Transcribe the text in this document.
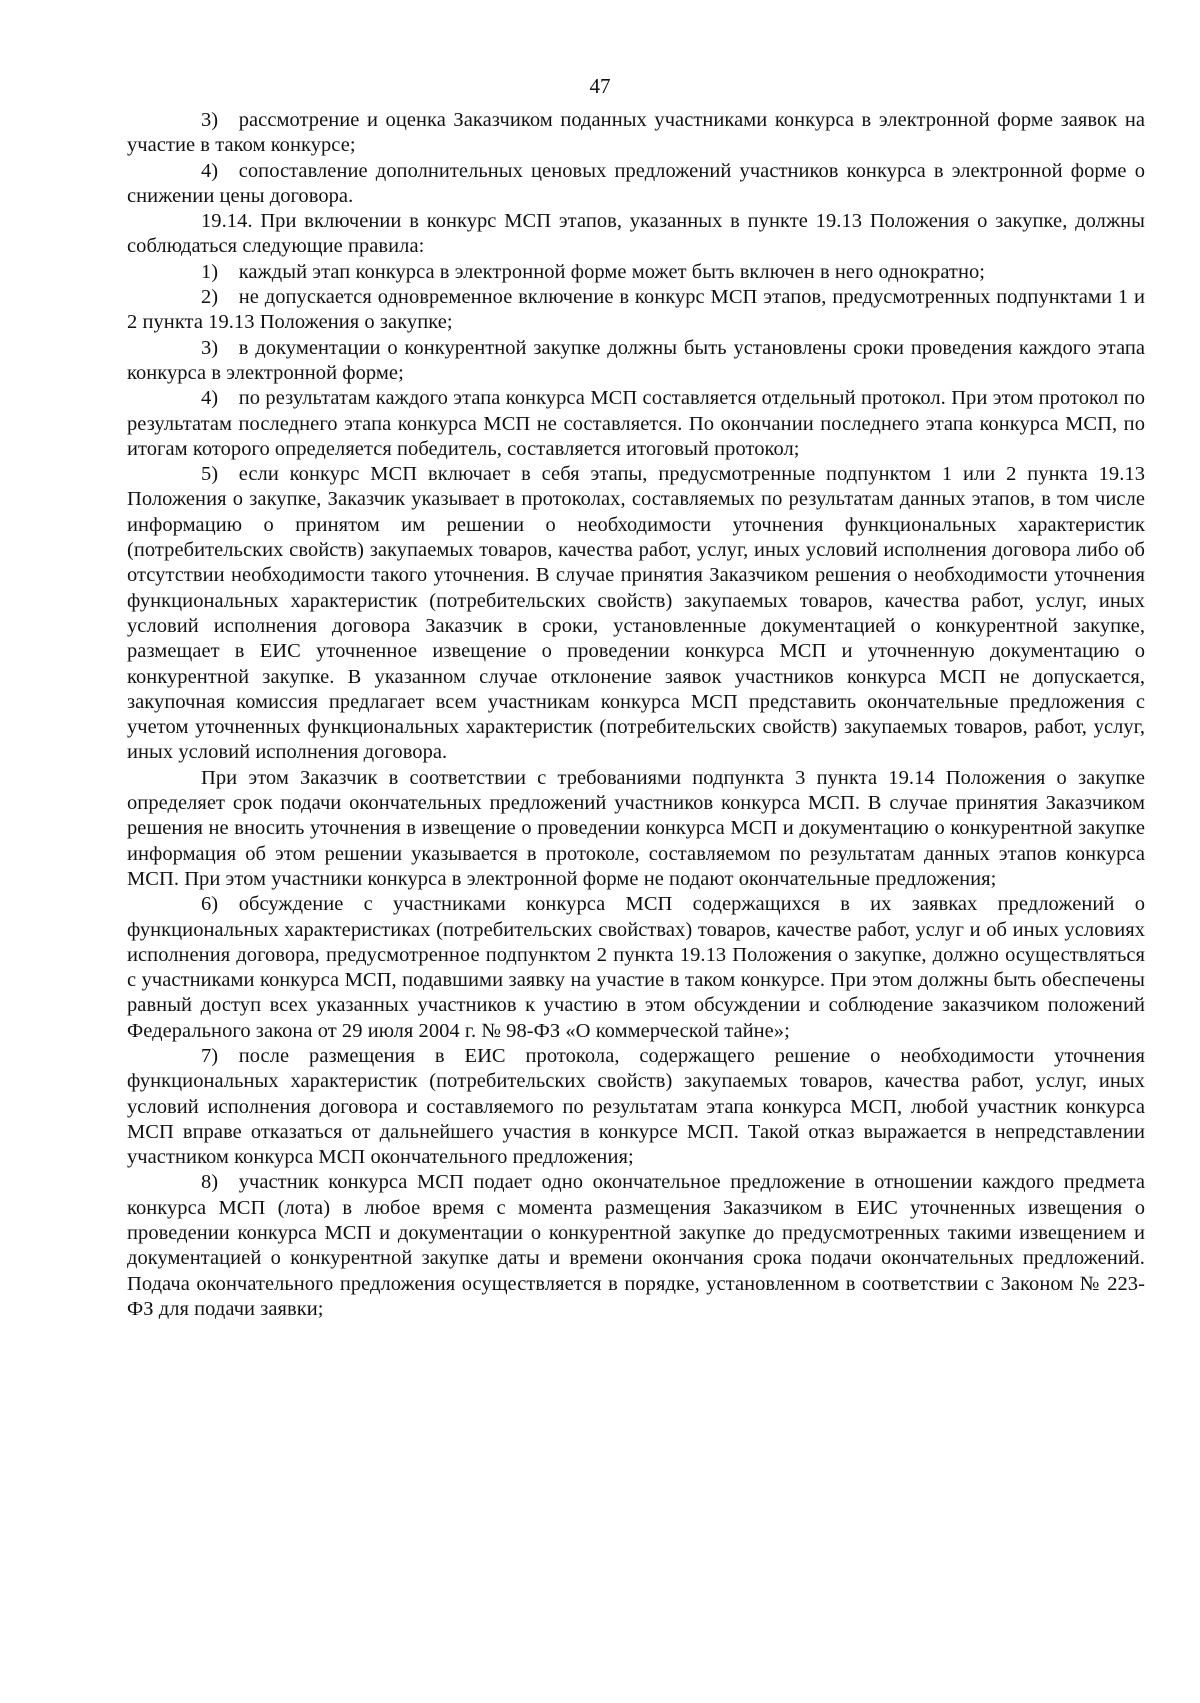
47

3) рассмотрение и оценка Заказчиком поданных участниками конкурса в электронной форме заявок на участие в таком конкурсе;

4) сопоставление дополнительных ценовых предложений участников конкурса в электронной форме о снижении цены договора.

19.14. При включении в конкурс МСП этапов, указанных в пункте 19.13 Положения о закупке, должны соблюдаться следующие правила:

1) каждый этап конкурса в электронной форме может быть включен в него однократно;

2) не допускается одновременное включение в конкурс МСП этапов, предусмотренных подпунктами 1 и 2 пункта 19.13 Положения о закупке;

3) в документации о конкурентной закупке должны быть установлены сроки проведения каждого этапа конкурса в электронной форме;

4) по результатам каждого этапа конкурса МСП составляется отдельный протокол. При этом протокол по результатам последнего этапа конкурса МСП не составляется. По окончании последнего этапа конкурса МСП, по итогам которого определяется победитель, составляется итоговый протокол;

5) если конкурс МСП включает в себя этапы, предусмотренные подпунктом 1 или 2 пункта 19.13 Положения о закупке, Заказчик указывает в протоколах, составляемых по результатам данных этапов, в том числе информацию о принятом им решении о необходимости уточнения функциональных характеристик (потребительских свойств) закупаемых товаров, качества работ, услуг, иных условий исполнения договора либо об отсутствии необходимости такого уточнения. В случае принятия Заказчиком решения о необходимости уточнения функциональных характеристик (потребительских свойств) закупаемых товаров, качества работ, услуг, иных условий исполнения договора Заказчик в сроки, установленные документацией о конкурентной закупке, размещает в ЕИС уточненное извещение о проведении конкурса МСП и уточненную документацию о конкурентной закупке. В указанном случае отклонение заявок участников конкурса МСП не допускается, закупочная комиссия предлагает всем участникам конкурса МСП представить окончательные предложения с учетом уточненных функциональных характеристик (потребительских свойств) закупаемых товаров, работ, услуг, иных условий исполнения договора.

При этом Заказчик в соответствии с требованиями подпункта 3 пункта 19.14 Положения о закупке определяет срок подачи окончательных предложений участников конкурса МСП. В случае принятия Заказчиком решения не вносить уточнения в извещение о проведении конкурса МСП и документацию о конкурентной закупке информация об этом решении указывается в протоколе, составляемом по результатам данных этапов конкурса МСП. При этом участники конкурса в электронной форме не подают окончательные предложения;

6) обсуждение с участниками конкурса МСП содержащихся в их заявках предложений о функциональных характеристиках (потребительских свойствах) товаров, качестве работ, услуг и об иных условиях исполнения договора, предусмотренное подпунктом 2 пункта 19.13 Положения о закупке, должно осуществляться с участниками конкурса МСП, подавшими заявку на участие в таком конкурсе. При этом должны быть обеспечены равный доступ всех указанных участников к участию в этом обсуждении и соблюдение заказчиком положений Федерального закона от 29 июля 2004 г. № 98-ФЗ «О коммерческой тайне»;

7) после размещения в ЕИС протокола, содержащего решение о необходимости уточнения функциональных характеристик (потребительских свойств) закупаемых товаров, качества работ, услуг, иных условий исполнения договора и составляемого по результатам этапа конкурса МСП, любой участник конкурса МСП вправе отказаться от дальнейшего участия в конкурсе МСП. Такой отказ выражается в непредставлении участником конкурса МСП окончательного предложения;

8) участник конкурса МСП подает одно окончательное предложение в отношении каждого предмета конкурса МСП (лота) в любое время с момента размещения Заказчиком в ЕИС уточненных извещения о проведении конкурса МСП и документации о конкурентной закупке до предусмотренных такими извещением и документацией о конкурентной закупке даты и времени окончания срока подачи окончательных предложений. Подача окончательного предложения осуществляется в порядке, установленном в соответствии с Законом № 223-ФЗ для подачи заявки;
